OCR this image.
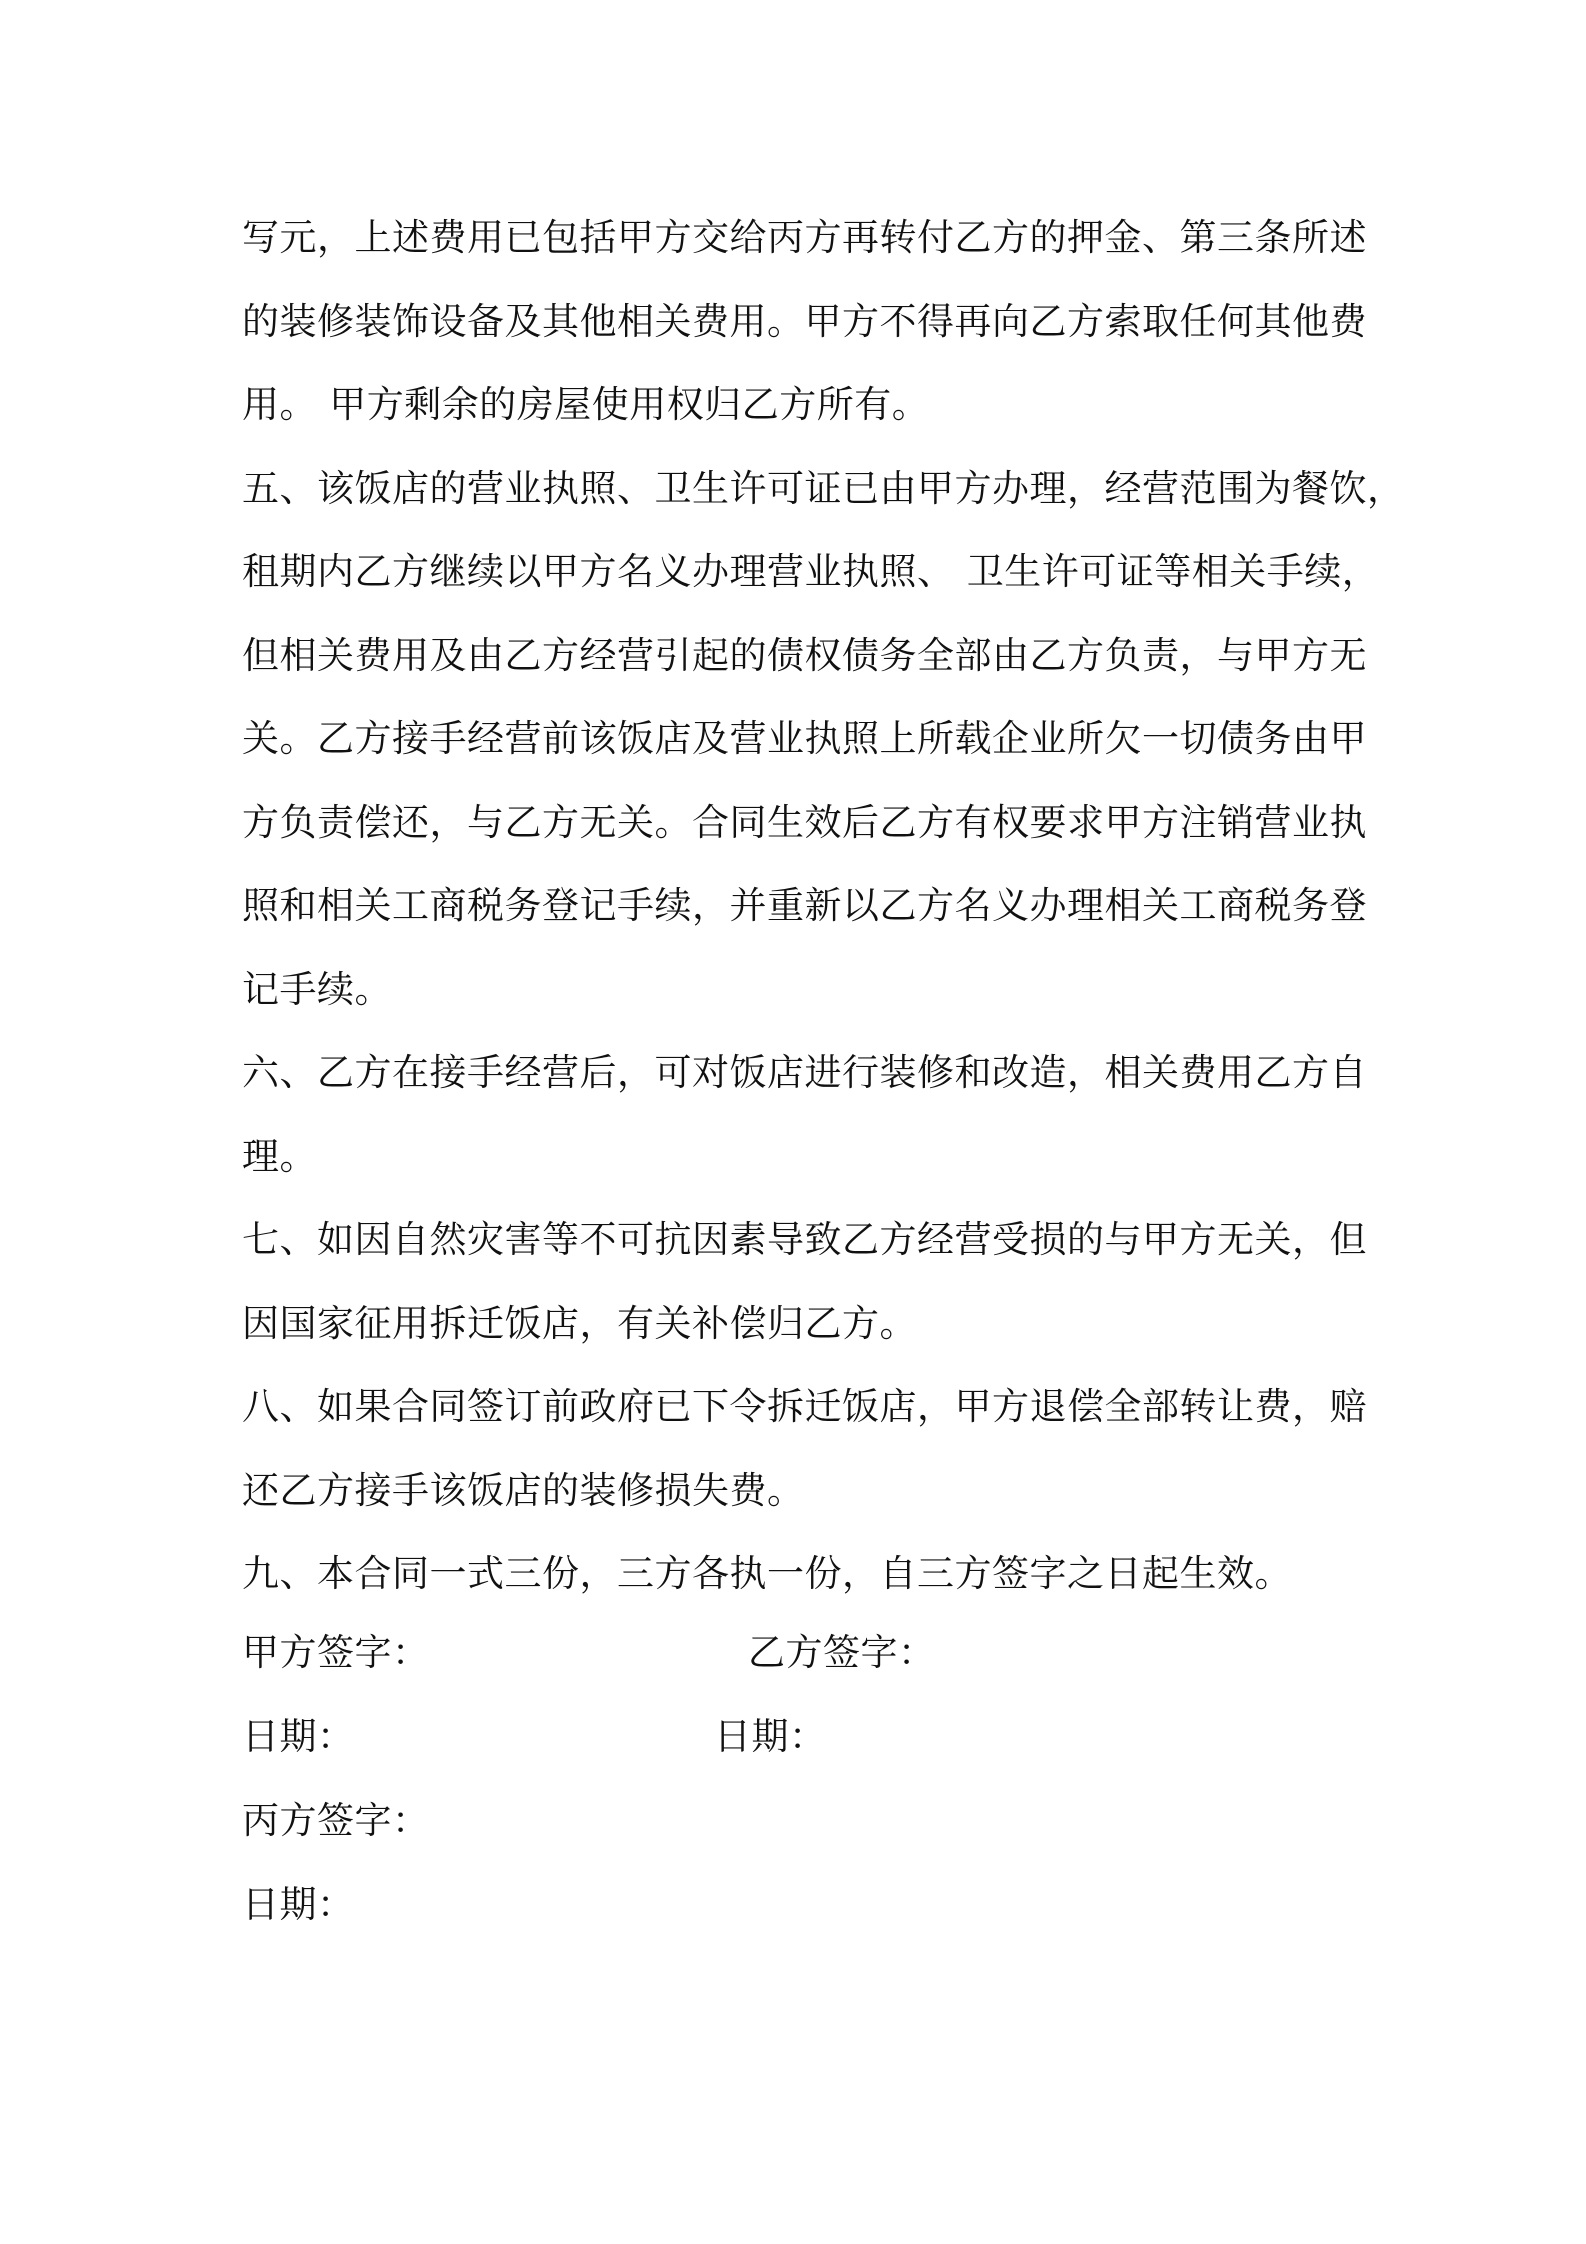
写元，上述费用已包括甲方交给丙方再转付乙方的押金、第三条所述
的装修装饰设备及其他相关费用。甲方不得再向乙方索取任何其他费
用。 甲方剩余的房屋使用权归乙方所有。
五、该饭店的营业执照、卫生许可证已由甲方办理，经营范围为餐饮，
租期内乙方继续以甲方名义办理营业执照、 卫生许可证等相关手续，
但相关费用及由乙方经营引起的债权债务全部由乙方负责，与甲方无
关。乙方接手经营前该饭店及营业执照上所载企业所欠一切债务由甲
方负责偿还，与乙方无关。合同生效后乙方有权要求甲方注销营业执
照和相关工商税务登记手续，并重新以乙方名义办理相关工商税务登
记手续。
六、乙方在接手经营后，可对饭店进行装修和改造，相关费用乙方自
理。
七、如因自然灾害等不可抗因素导致乙方经营受损的与甲方无关，但
因国家征用拆迁饭店，有关补偿归乙方。
八、如果合同签订前政府已下令拆迁饭店，甲方退偿全部转让费，赔
还乙方接手该饭店的装修损失费。
九、本合同一式三份，三方各执一份，自三方签字之日起生效。
甲方签字：	乙方签字：
日期：	日期：
丙方签字：
日期：
